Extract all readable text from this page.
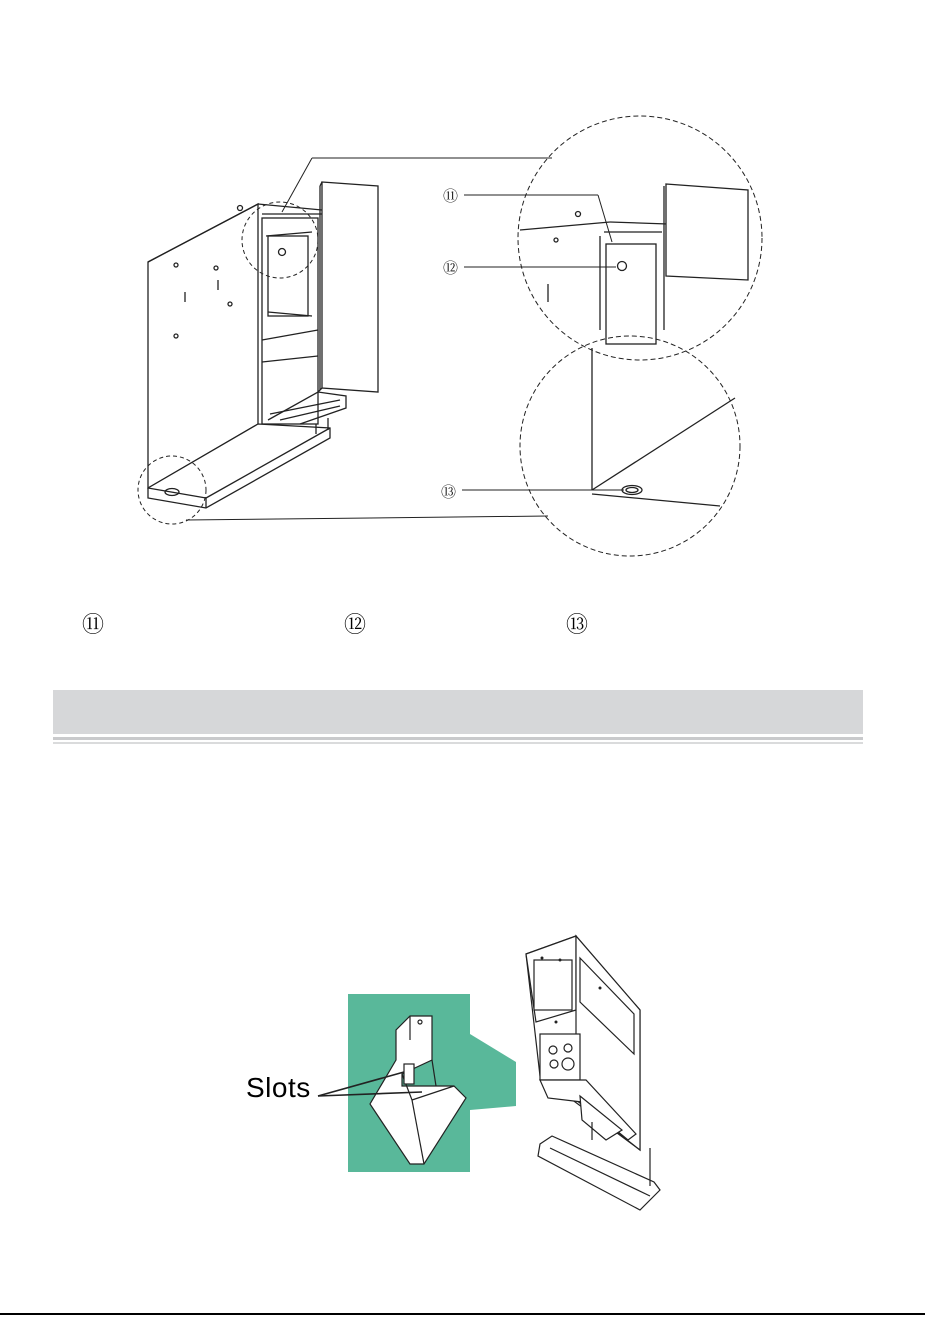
⑪
⑫
⑬
⑪	⑫	⑬
Slots
